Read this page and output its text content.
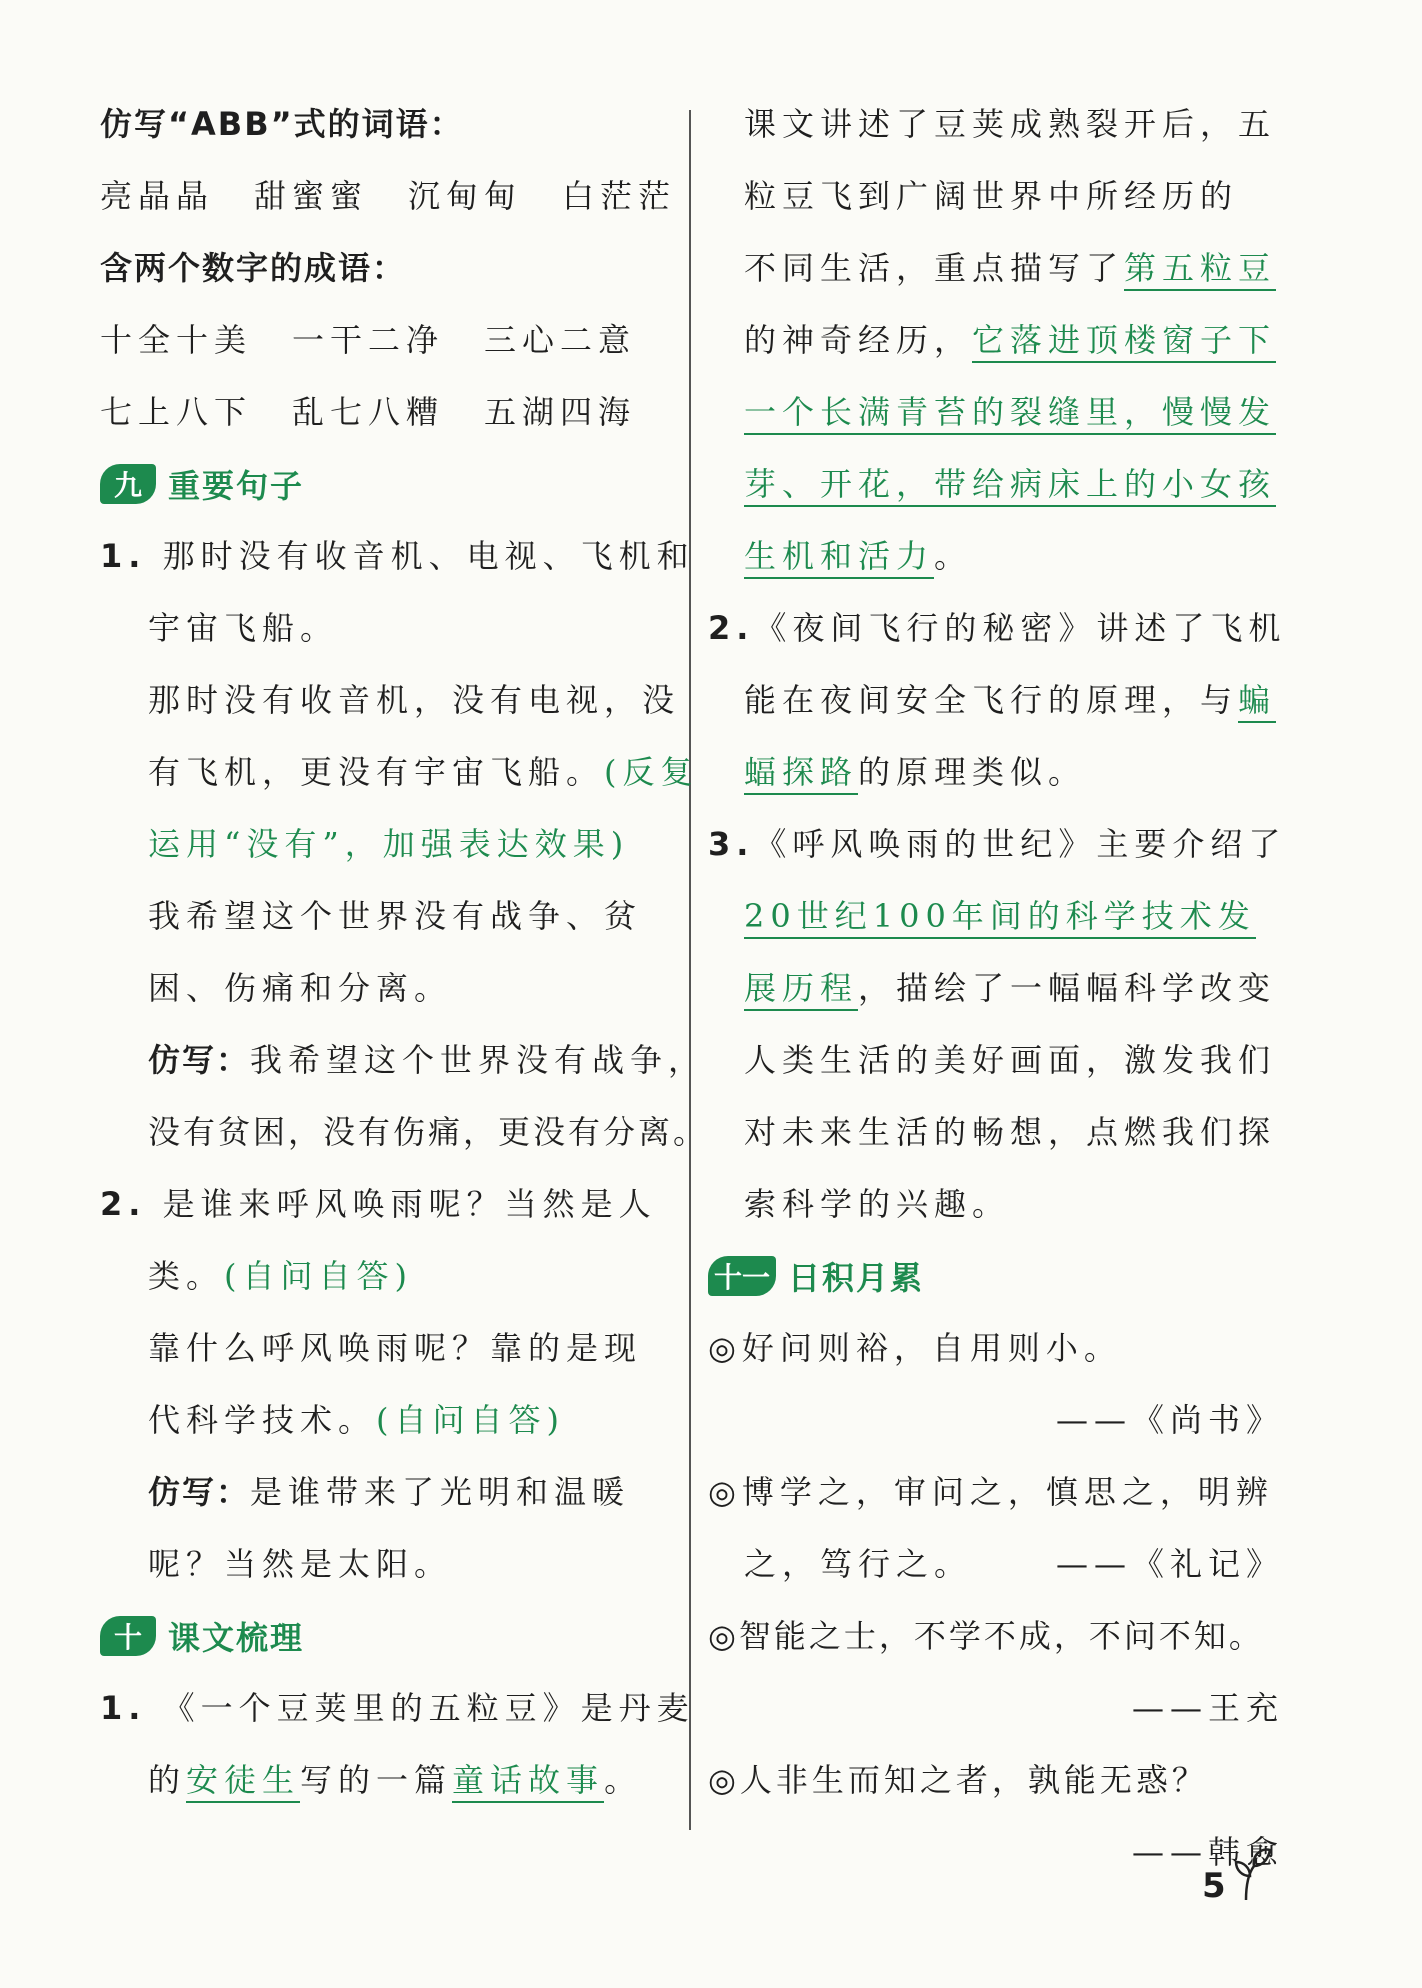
仿写“ABB”式的词语：
亮晶晶 甜蜜蜜 沉甸甸 白茫茫
含两个数字的成语：
十全十美 一干二净 三心二意
七上八下 乱七八糟 五湖四海
九 重要句子
1. 那时没有收音机、电视、飞机和
宇宙飞船。
那时没有收音机，没有电视，没
有飞机，更没有宇宙飞船。(反复
运用“没有”，加强表达效果)
我希望这个世界没有战争、贫
困、伤痛和分离。
仿写：我希望这个世界没有战争，
没有贫困，没有伤痛，更没有分离。
2. 是谁来呼风唤雨呢？当然是人
类。(自问自答)
靠什么呼风唤雨呢？靠的是现
代科学技术。(自问自答)
仿写：是谁带来了光明和温暖
呢？当然是太阳。
十 课文梳理
1. 《一个豆荚里的五粒豆》是丹麦
的安徒生写的一篇童话故事。
课文讲述了豆荚成熟裂开后，五
粒豆飞到广阔世界中所经历的
不同生活，重点描写了第五粒豆
的神奇经历，它落进顶楼窗子下
一个长满青苔的裂缝里，慢慢发
芽、开花，带给病床上的小女孩
生机和活力。
2.《夜间飞行的秘密》讲述了飞机
能在夜间安全飞行的原理，与蝙
蝠探路的原理类似。
3.《呼风唤雨的世纪》主要介绍了
20世纪100年间的科学技术发
展历程，描绘了一幅幅科学改变
人类生活的美好画面，激发我们
对未来生活的畅想，点燃我们探
索科学的兴趣。
十一 日积月累
◎好问则裕，自用则小。
——《尚书》
◎博学之，审问之，慎思之，明辨
之，笃行之。	——《礼记》
◎智能之士，不学不成，不问不知。
——王充
◎人非生而知之者，孰能无惑？
——韩愈
5
